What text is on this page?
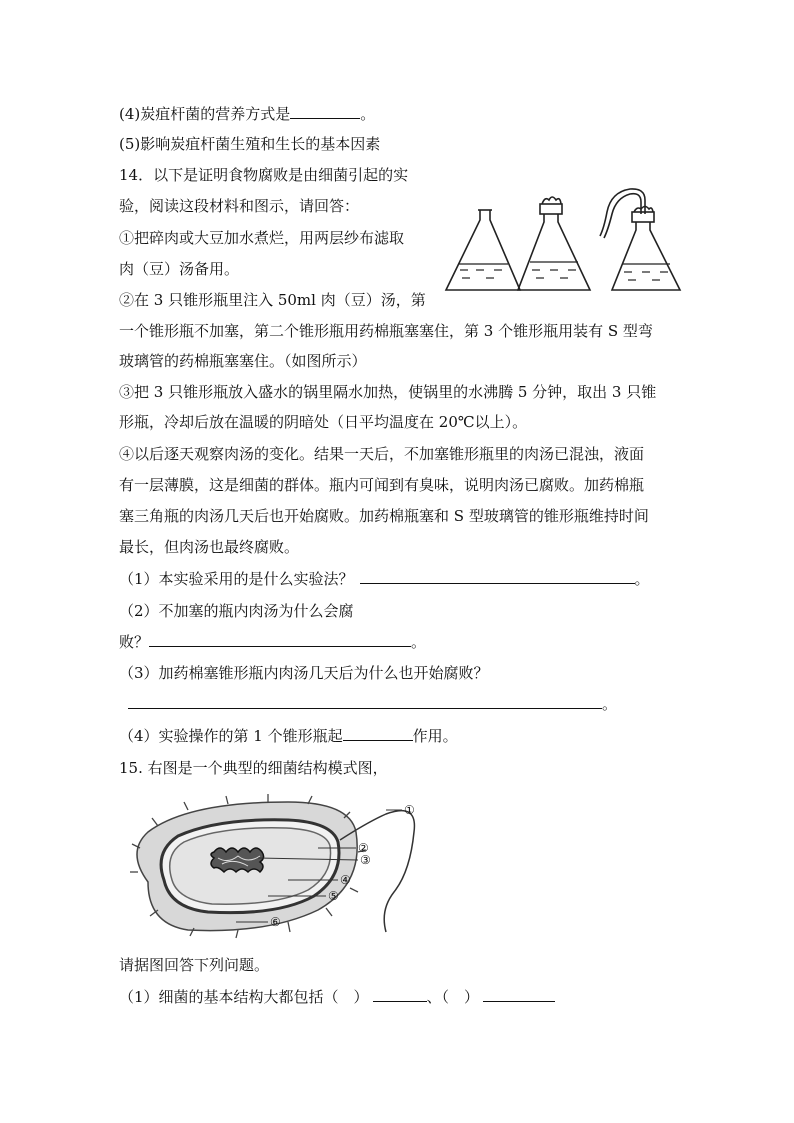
(4)炭疽杆菌的营养方式是	。
(5)影响炭疽杆菌生殖和生长的基本因素
14．以下是证明食物腐败是由细菌引起的实
验，阅读这段材料和图示，请回答：
①把碎肉或大豆加水煮烂，用两层纱布滤取
肉（豆）汤备用。
②在 3 只锥形瓶里注入 50ml 肉（豆）汤，第
一个锥形瓶不加塞，第二个锥形瓶用药棉瓶塞塞住，第 3 个锥形瓶用装有 S 型弯
玻璃管的药棉瓶塞塞住。（如图所示）
③把 3 只锥形瓶放入盛水的锅里隔水加热，使锅里的水沸腾 5 分钟，取出 3 只锥
形瓶，冷却后放在温暖的阴暗处（日平均温度在 20℃以上）。
④以后逐天观察肉汤的变化。结果一天后，不加塞锥形瓶里的肉汤已混浊，液面
有一层薄膜，这是细菌的群体。瓶内可闻到有臭味，说明肉汤已腐败。加药棉瓶
塞三角瓶的肉汤几天后也开始腐败。加药棉瓶塞和 S 型玻璃管的锥形瓶维持时间
最长，但肉汤也最终腐败。
（1）本实验采用的是什么实验法？	。
（2）不加塞的瓶内肉汤为什么会腐
败？	。
（3）加药棉塞锥形瓶内肉汤几天后为什么也开始腐败？
。
（4）实验操作的第 1 个锥形瓶起	作用。
15. 右图是一个典型的细菌结构模式图，
请据图回答下列问题。
（1）细菌的基本结构大都包括（　）	、（　）
①
②
③
④
⑤
⑥
